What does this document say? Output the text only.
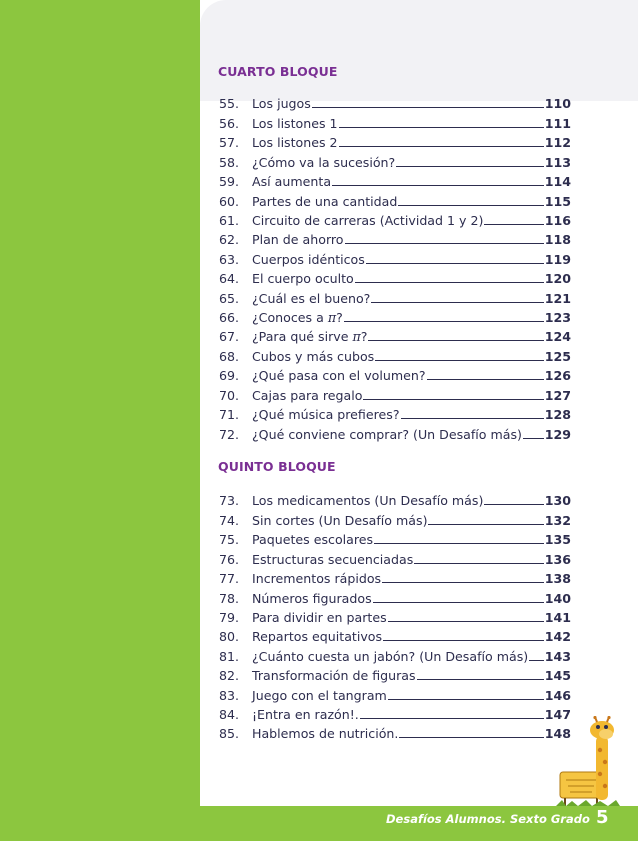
CUARTO BLOQUE
55.	Los jugos	110
56.	Los listones 1	111
57.	Los listones 2	112
58.	¿Cómo va la sucesión?	113
59.	Así aumenta	114
60.	Partes de una cantidad	115
61.	Circuito de carreras (Actividad 1 y 2)	116
62.	Plan de ahorro	118
63.	Cuerpos idénticos	119
64.	El cuerpo oculto	120
65.	¿Cuál es el bueno?	121
66.	¿Conoces a π?	123
67.	¿Para qué sirve π?	124
68.	Cubos y más cubos	125
69.	¿Qué pasa con el volumen?	126
70.	Cajas para regalo	127
71.	¿Qué música prefieres?	128
72.	¿Qué conviene comprar? (Un Desafío más) 129
QUINTO BLOQUE
73.	Los medicamentos (Un Desafío más)	130
74.	Sin cortes (Un Desafío más)	132
75.	Paquetes escolares	135
76.	Estructuras secuenciadas	136
77.	Incrementos rápidos	138
78.	Números figurados	140
79.	Para dividir en partes	141
80.	Repartos equitativos	142
81.	¿Cuánto cuesta un jabón? (Un Desafío más) 143
82.	Transformación de figuras	145
83.	Juego con el tangram	146
84.	¡Entra en razón!.	147
85.	Hablemos de nutrición.	148
Desafíos Alumnos. Sexto Grado 5
